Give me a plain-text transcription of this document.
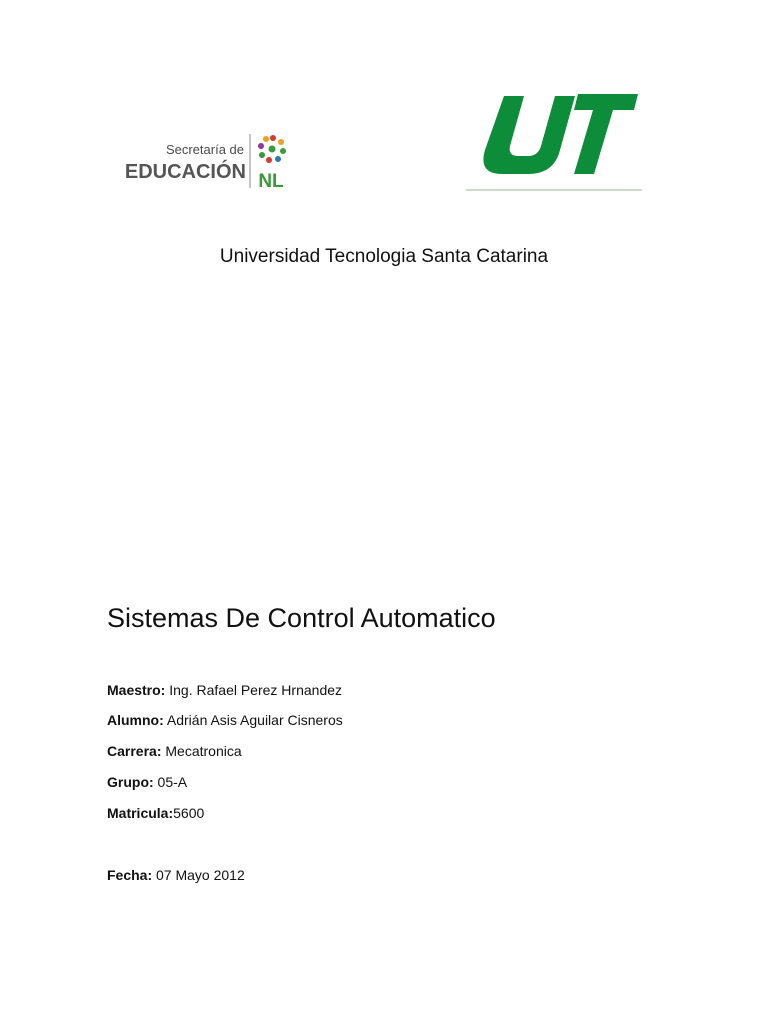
Secretaría de
EDUCACIÓN NL
Universidad Tecnologia Santa Catarina
Sistemas De Control Automatico
Maestro: Ing. Rafael Perez Hrnandez
Alumno: Adrián Asis Aguilar Cisneros
Carrera: Mecatronica
Grupo: 05-A
Matricula:5600
Fecha: 07 Mayo 2012
